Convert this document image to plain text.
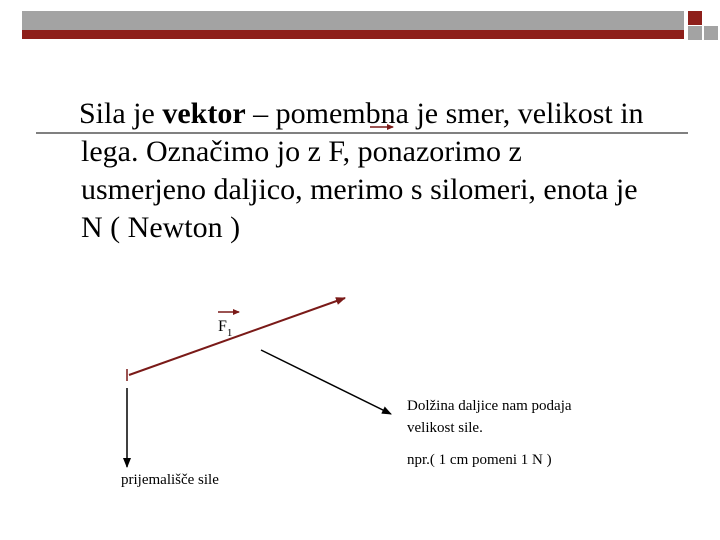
Sila je vektor – pomembna je smer, velikost in
lega. Označimo jo z F, ponazorimo z
usmerjeno daljico, merimo s silomeri, enota je
N ( Newton )

$F_1$
Dolžina daljice nam podaja
velikost sile.
npr.( 1 cm pomeni 1 N )
prijemališče sile
